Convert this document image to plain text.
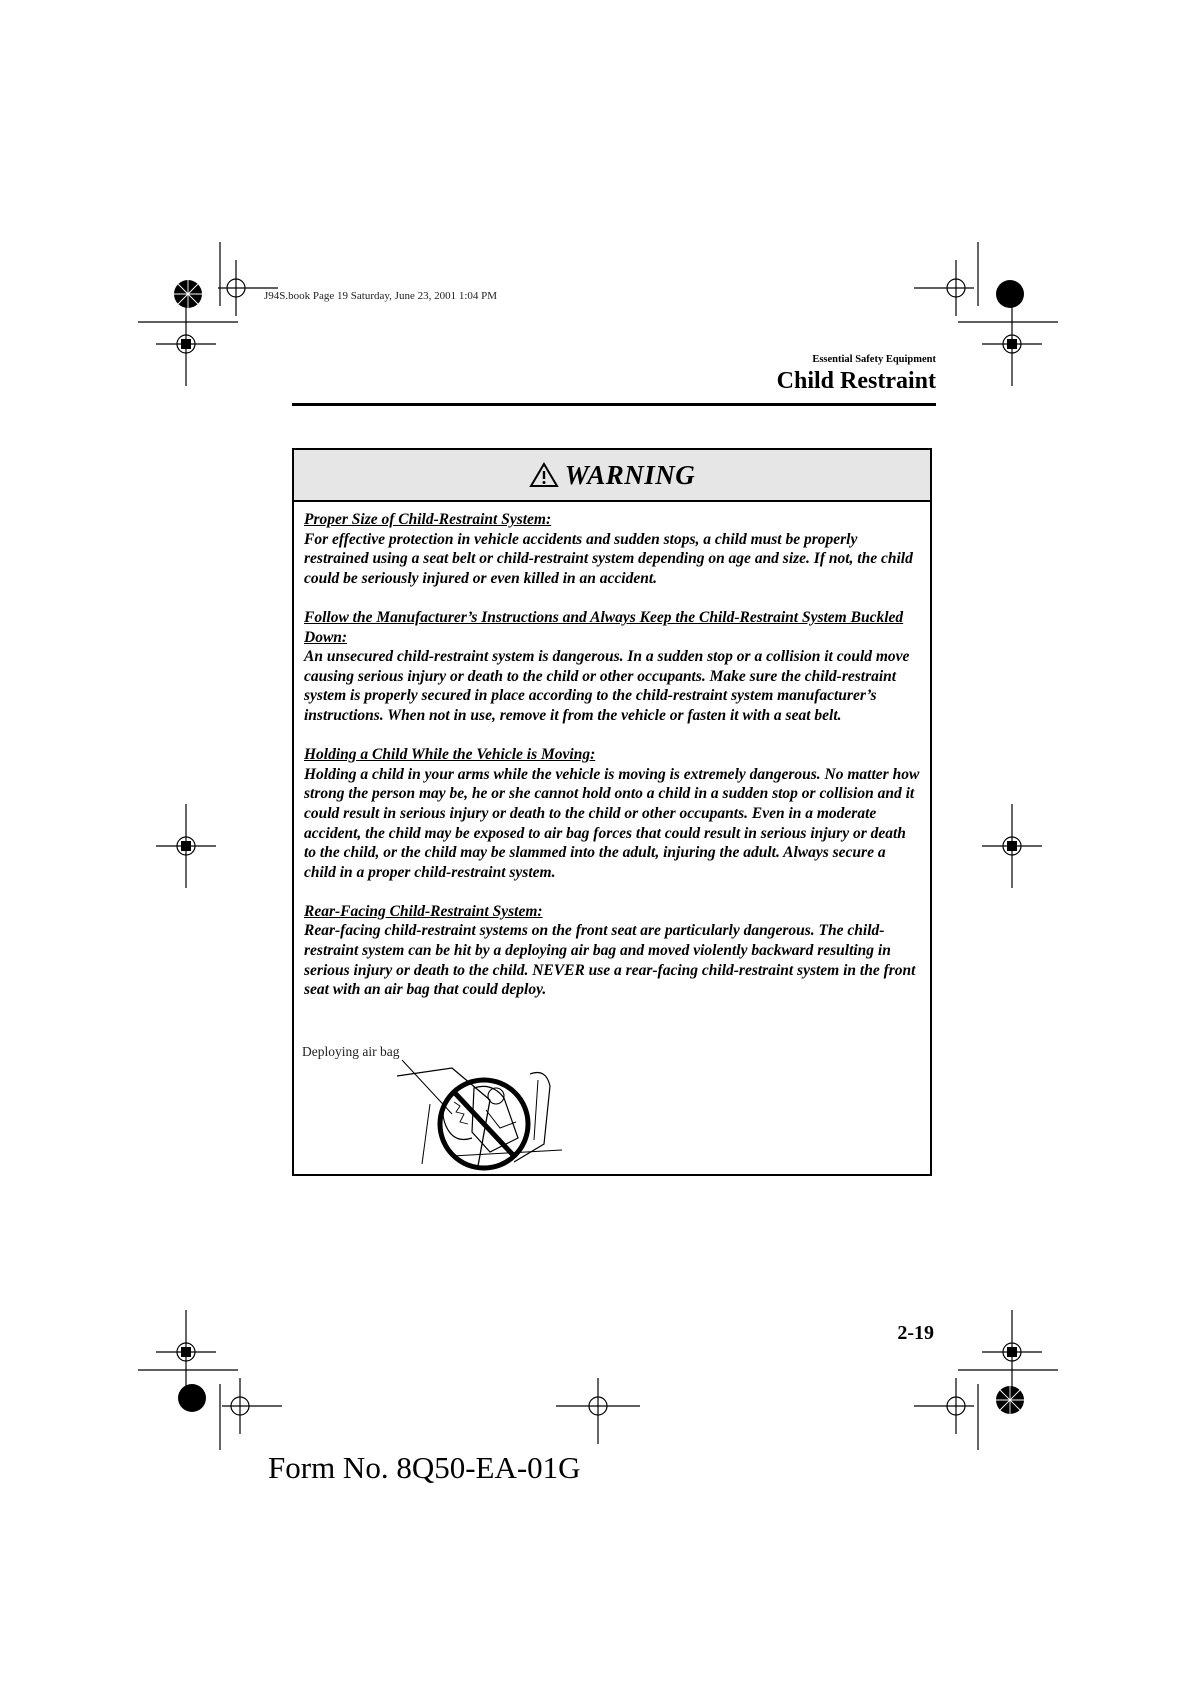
J94S.book Page 19 Saturday, June 23, 2001 1:04 PM
Essential Safety Equipment
Child Restraint
WARNING
Proper Size of Child-Restraint System:
For effective protection in vehicle accidents and sudden stops, a child must be properly restrained using a seat belt or child-restraint system depending on age and size. If not, the child could be seriously injured or even killed in an accident.
Follow the Manufacturer’s Instructions and Always Keep the Child-Restraint System Buckled Down:
An unsecured child-restraint system is dangerous. In a sudden stop or a collision it could move causing serious injury or death to the child or other occupants. Make sure the child-restraint system is properly secured in place according to the child-restraint system manufacturer’s instructions. When not in use, remove it from the vehicle or fasten it with a seat belt.
Holding a Child While the Vehicle is Moving:
Holding a child in your arms while the vehicle is moving is extremely dangerous. No matter how strong the person may be, he or she cannot hold onto a child in a sudden stop or collision and it could result in serious injury or death to the child or other occupants. Even in a moderate accident, the child may be exposed to air bag forces that could result in serious injury or death to the child, or the child may be slammed into the adult, injuring the adult. Always secure a child in a proper child-restraint system.
Rear-Facing Child-Restraint System:
Rear-facing child-restraint systems on the front seat are particularly dangerous. The child-restraint system can be hit by a deploying air bag and moved violently backward resulting in serious injury or death to the child. NEVER use a rear-facing child-restraint system in the front seat with an air bag that could deploy.
Deploying air bag
2-19
Form No. 8Q50-EA-01G
